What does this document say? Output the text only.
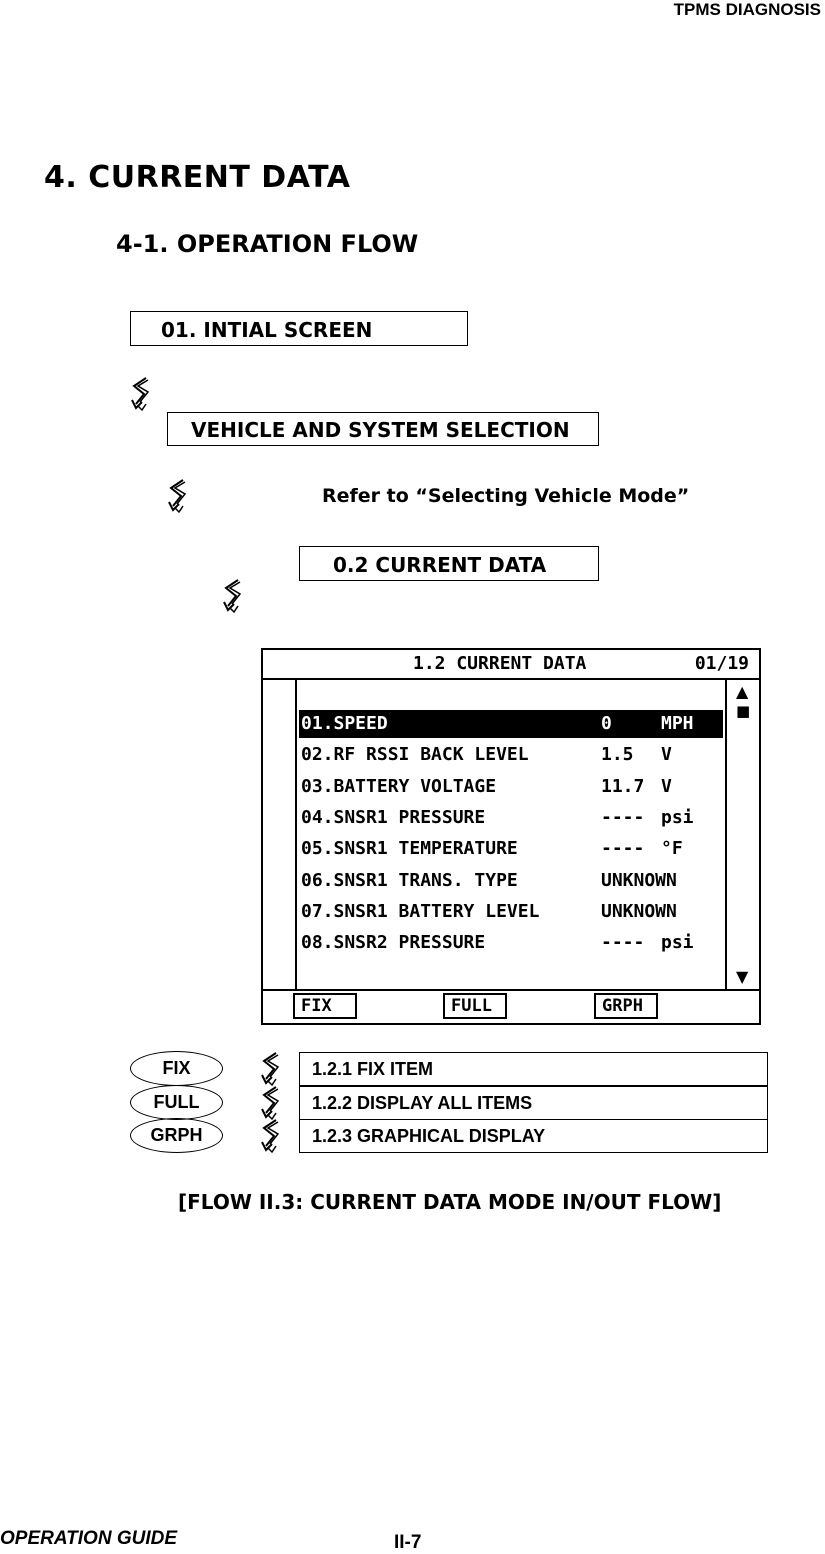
TPMS DIAGNOSIS
4. CURRENT DATA
4-1. OPERATION FLOW
01. INTIAL SCREEN
VEHICLE AND SYSTEM SELECTION
Refer to “Selecting Vehicle Mode”
0.2 CURRENT DATA
1.2 CURRENT DATA	01/19
01.SPEED	0	MPH
02.RF RSSI BACK LEVEL	1.5 V
03.BATTERY VOLTAGE	11.7 V
04.SNSR1 PRESSURE	---- psi
05.SNSR1 TEMPERATURE	---- °F
06.SNSR1 TRANS. TYPE	UNKNOWN
07.SNSR1 BATTERY LEVEL	UNKNOWN
08.SNSR2 PRESSURE	---- psi
▲
■
▼
FIX	FULL	GRPH
FIX	1.2.1 FIX ITEM
FULL	1.2.2 DISPLAY ALL ITEMS
GRPH	1.2.3 GRAPHICAL DISPLAY
[FLOW II.3: CURRENT DATA MODE IN/OUT FLOW]
OPERATION GUIDE	II-7
